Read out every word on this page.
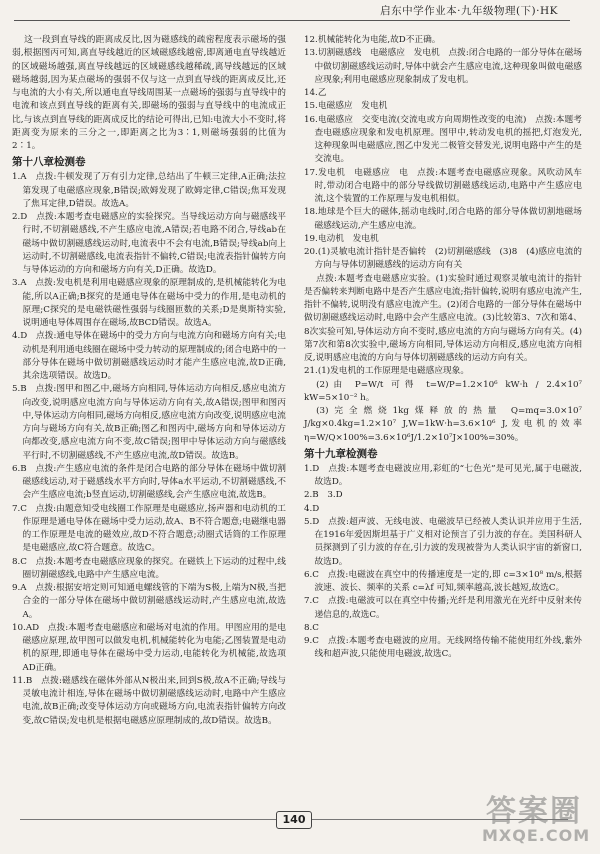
启东中学作业本·九年级物理(下)·HK

这一段到直导线的距离成反比,因为磁感线的疏密程度表示磁场的强弱,根据图丙可知,离直导线越近的区域磁感线越密,即离通电直导线越近的区域磁场越强,离直导线越远的区域磁感线越稀疏,离导线越远的区域磁场越弱,因为某点磁场的强弱不仅与这一点到直导线的距离成反比,还与电流的大小有关,所以通电直导线周围某一点磁场的强弱与直导线中的电流和该点到直导线的距离有关,即磁场的强弱与直导线中的电流成正比,与该点到直导线的距离成反比的结论可得出,已知:电流大小不变时,将距离变为原来的三分之一,即距离之比为3∶1,则磁场强弱的比值为2∶1。

第十八章检测卷

1.A　点拨:牛顿发现了万有引力定律,总结出了牛顿三定律,A正确;法拉第发现了电磁感应现象,B错误;欧姆发现了欧姆定律,C错误;焦耳发现了焦耳定律,D错误。故选A。

2.D　点拨:本题考查电磁感应的实验探究。当导线运动方向与磁感线平行时,不切割磁感线,不产生感应电流,A错误;若电路不闭合,导线ab在磁场中做切割磁感线运动时,电流表中不会有电流,B错误;导线ab向上运动时,不切割磁感线,电流表指针不偏转,C错误;电流表指针偏转方向与导体运动的方向和磁场方向有关,D正确。故选D。

3.A　点拨:发电机是利用电磁感应现象的原理制成的,是机械能转化为电能,所以A正确;B探究的是通电导体在磁场中受力的作用,是电动机的原理;C探究的是电磁铁磁性强弱与线圈匝数的关系;D是奥斯特实验,说明通电导体周围存在磁场,故BCD错误。故选A。

4.D　点拨:通电导体在磁场中的受力方向与电流方向和磁场方向有关;电动机是利用通电线圈在磁场中受力转动的原理制成的;闭合电路中的一部分导体在磁场中做切割磁感线运动时才能产生感应电流,故D正确,其余选项错误。故选D。

5.B　点拨:图甲和图乙中,磁场方向相同,导体运动方向相反,感应电流方向改变,说明感应电流方向与导体运动方向有关,故A错误;图甲和图丙中,导体运动方向相同,磁场方向相反,感应电流方向改变,说明感应电流方向与磁场方向有关,故B正确;图乙和图丙中,磁场方向和导体运动方向都改变,感应电流方向不变,故C错误;图甲中导体运动方向与磁感线平行时,不切割磁感线,不产生感应电流,故D错误。故选B。

6.B　点拨:产生感应电流的条件是闭合电路的部分导体在磁场中做切割磁感线运动,对于磁感线水平方向时,导体a水平运动,不切割磁感线,不会产生感应电流;b竖直运动,切割磁感线,会产生感应电流,故选B。

7.C　点拨:由题意知受电线圈工作原理是电磁感应,扬声器和电动机的工作原理是通电导体在磁场中受力运动,故A、B不符合题意;电磁继电器的工作原理是电流的磁效应,故D不符合题意;动圈式话筒的工作原理是电磁感应,故C符合题意。故选C。

8.C　点拨:本题考查电磁感应现象的探究。在磁铁上下运动的过程中,线圈切割磁感线,电路中产生感应电流。

9.A　点拨:根据安培定则可知通电螺线管的下端为S极,上端为N极,当把合金的一部分导体在磁场中做切割磁感线运动时,产生感应电流,故选A。

10.AD　点拨:本题考查电磁感应和磁场对电流的作用。甲图应用的是电磁感应原理,故甲图可以做发电机,机械能转化为电能;乙图装置是电动机的原理,即通电导体在磁场中受力运动,电能转化为机械能,故选项AD正确。

11.B　点拨:磁感线在磁体外部从N极出来,回到S极,故A不正确;导线与灵敏电流计相连,导体在磁场中做切割磁感线运动时,电路中产生感应电流,故B正确;改变导体运动方向或磁场方向,电流表指针偏转方向改变,故C错误;发电机是根据电磁感应原理制成的,故D错误。故选B。

12.机械能转化为电能,故D不正确。

13.切割磁感线　电磁感应　发电机　点拨:闭合电路的一部分导体在磁场中做切割磁感线运动时,导体中就会产生感应电流,这种现象叫做电磁感应现象;利用电磁感应现象制成了发电机。

14.乙

15.电磁感应　发电机

16.电磁感应　交变电流(交流电或方向周期性改变的电流)　点拨:本题考查电磁感应现象和发电机原理。图甲中,转动发电机的摇把,灯泡发光,这种现象叫电磁感应,图乙中发光二极管交替发光,说明电路中产生的是交流电。

17.发电机　电磁感应　电　点拨:本题考查电磁感应现象。风吹动风车时,带动闭合电路中的部分导线做切割磁感线运动,电路中产生感应电流,这个装置的工作原理与发电机相似。

18.地球是个巨大的磁体,摇动电线时,闭合电路的部分导体做切割地磁场磁感线运动,产生感应电流。

19.电动机　发电机

20.(1)灵敏电流计指针是否偏转　(2)切割磁感线　(3)8　(4)感应电流的方向与导体切割磁感线的运动方向有关

点拨:本题考查电磁感应实验。(1)实验时通过观察灵敏电流计的指针是否偏转来判断电路中是否产生感应电流;指针偏转,说明有感应电流产生,指针不偏转,说明没有感应电流产生。(2)闭合电路的一部分导体在磁场中做切割磁感线运动时,电路中会产生感应电流。(3)比较第3、7次和第4、8次实验可知,导体运动方向不变时,感应电流的方向与磁场方向有关。(4)第7次和第8次实验中,磁场方向相同,导体运动方向相反,感应电流方向相反,说明感应电流的方向与导体切割磁感线的运动方向有关。

21.(1)发电机的工作原理是电磁感应现象。

(2)由 P=W/t 可得 t=W/P=1.2×10⁶ kW·h / 2.4×10⁷ kW=5×10⁻² h。

(3)完全燃烧1kg煤释放的热量 Q=mq=3.0×10⁷ J/kg×0.4kg=1.2×10⁷ J,W=1kW·h=3.6×10⁶ J,发电机的效率 η=W/Q×100%=3.6×10⁶J/1.2×10⁷J×100%=30%。

第十九章检测卷

1.D　点拨:本题考查电磁波应用,彩虹的“七色光”是可见光,属于电磁波,故选D。

2.B　3.D

4.D

5.D　点拨:超声波、无线电波、电磁波早已经被人类认识并应用于生活,在1916年爱因斯坦基于广义相对论预言了引力波的存在。美国科研人员探测到了引力波的存在,引力波的发现被誉为人类认识宇宙的新窗口,故选D。

6.C　点拨:电磁波在真空中的传播速度是一定的,即 c=3×10⁸ m/s,根据波速、波长、频率的关系 c=λf 可知,频率越高,波长越短,故选C。

7.C　点拨:电磁波可以在真空中传播;光纤是利用激光在光纤中反射来传递信息的,故选C。

8.C

9.C　点拨:本题考查电磁波的应用。无线网络传输不能使用红外线,紫外线和超声波,只能使用电磁波,故选C。

140	答案圈
MXQE.COM
